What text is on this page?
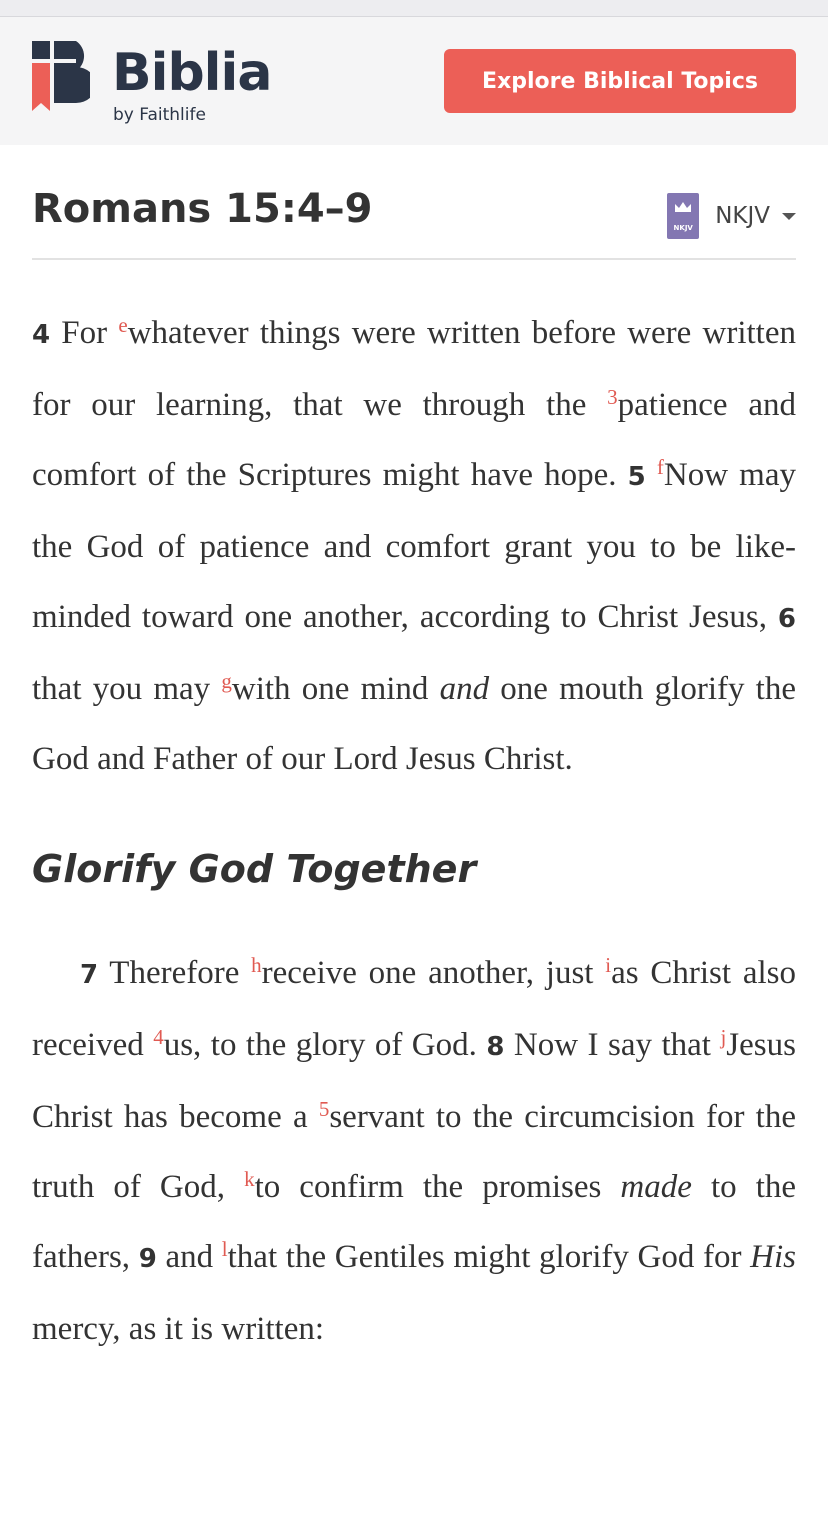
Biblia
by Faithlife
Explore Biblical Topics
Romans 15:4–9	NKJV NKJV

4 For $^e$whatever things were written before were written for our learning, that we through the $^3$patience and comfort of the Scriptures might have hope. 5 $^f$Now may the God of patience and comfort grant you to be like-minded toward one another, according to Christ Jesus, 6 that you may $^g$with one mind and one mouth glorify the God and Father of our Lord Jesus Christ.

Glorify God Together

7 Therefore $^h$receive one another, just $^i$as Christ also received $^4$us, to the glory of God. 8 Now I say that $^j$Jesus Christ has become a $^5$servant to the circumcision for the truth of God, $^k$to confirm the promises made to the fathers, 9 and $^l$that the Gentiles might glorify God for His mercy, as it is written:
